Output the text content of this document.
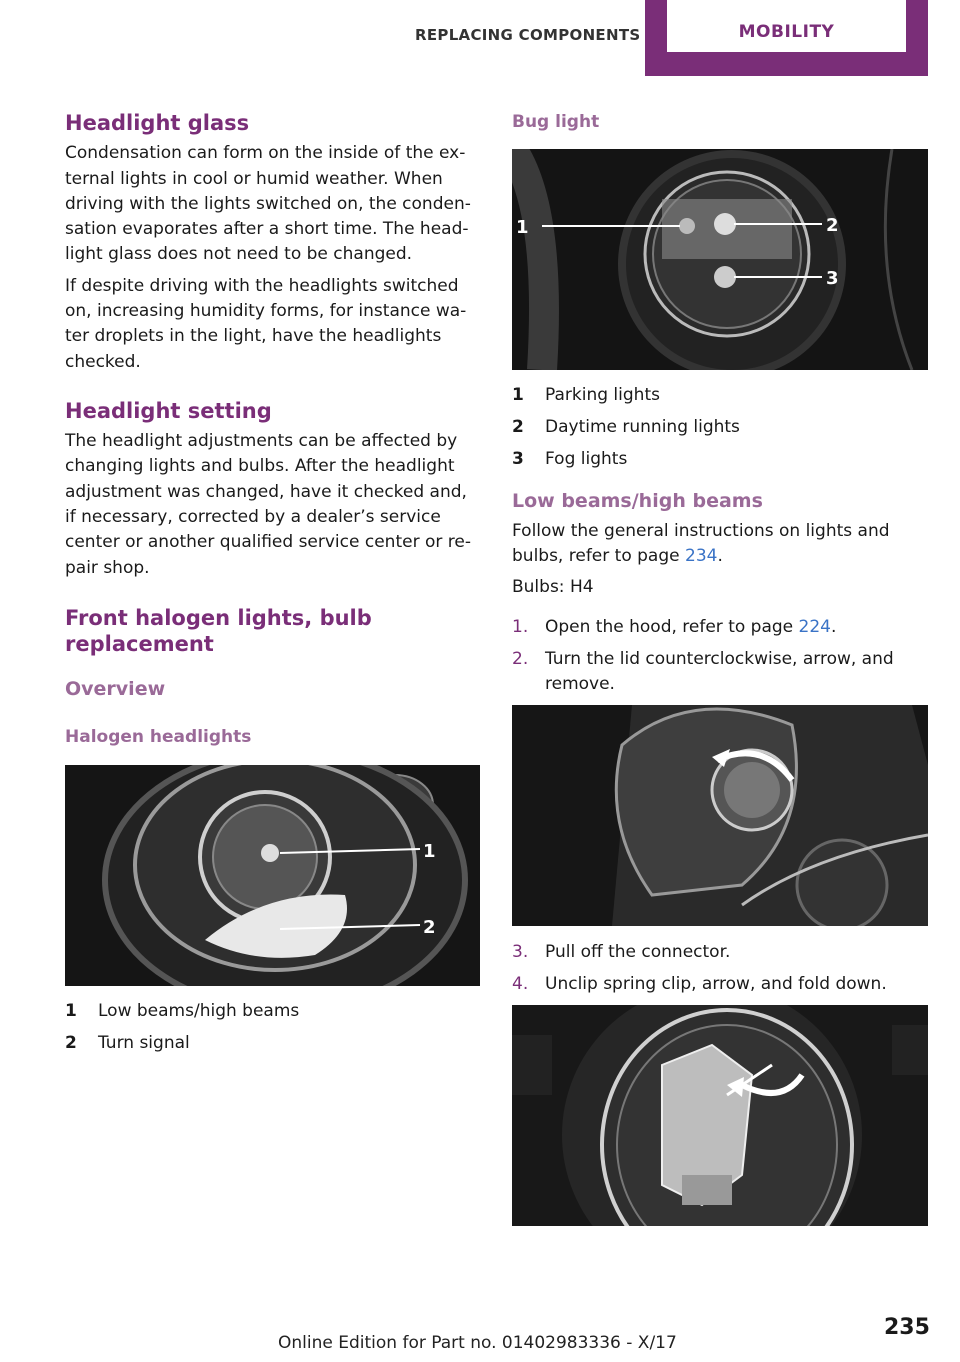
REPLACING COMPONENTS	MOBILITY
Headlight glass

Condensation can form on the inside of the ex‐ternal lights in cool or humid weather. When driving with the lights switched on, the conden‐sation evaporates after a short time. The head‐light glass does not need to be changed.

If despite driving with the headlights switched on, increasing humidity forms, for instance wa‐ter droplets in the light, have the headlights checked.

Headlight setting

The headlight adjustments can be affected by changing lights and bulbs. After the headlight adjustment was changed, have it checked and, if necessary, corrected by a dealer’s service center or another qualified service center or re‐pair shop.

Front halogen lights, bulb replacement
Overview
Halogen headlights
1
2
1	Low beams/high beams
2	Turn signal
Bug light
1	2
3
1	Parking lights
2	Daytime running lights
3	Fog lights
Low beams/high beams

Follow the general instructions on lights and bulbs, refer to page 234.

Bulbs: H4

1. Open the hood, refer to page 224.
2. Turn the lid counterclockwise, arrow, and remove.
3. Pull off the connector.
4. Unclip spring clip, arrow, and fold down.
Online Edition for Part no. 01402983336 - X/17
235
